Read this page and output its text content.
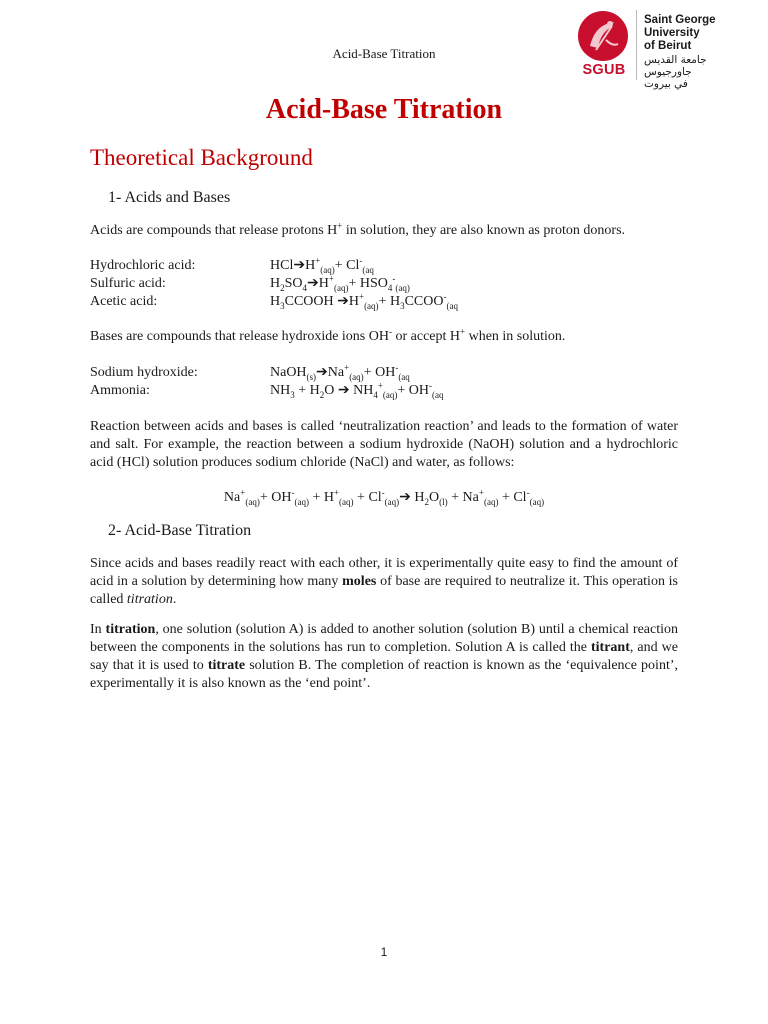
Acid-Base Titration
SGUB
Saint George
University
of Beirut
جامعة القديس جاورجيوس
في بيروت
Acid-Base Titration
Theoretical Background
1- Acids and Bases

Acids are compounds that release protons H+ in solution, they are also known as proton donors.

Hydrochloric acid:	$HCl➔H^+_{(aq)}+ Cl^-_{(aq}$
Sulfuric acid:	$H_2SO_4➔H^+_{(aq)}+ HSO_4^-_{(aq)}$
Acetic acid:	$H_3CCOOH$ $➔H^+_{(aq)}+$ $H_3CCOO^-_{(aq}$

Bases are compounds that release hydroxide ions OH- or accept H+ when in solution.

Sodium hydroxide:	$NaOH_{(s)}➔Na^+_{(aq)}+ OH^-_{(aq}$
Ammonia:	$NH_3 + H_2O$ ➔ $NH_4^+_{(aq)}+ OH^-_{(aq}$

Reaction between acids and bases is called ‘neutralization reaction’ and leads to the formation of water and salt. For example, the reaction between a sodium hydroxide (NaOH) solution and a hydrochloric acid (HCl) solution produces sodium chloride (NaCl) and water, as follows:

$Na^+_{(aq)}+ OH^-_{(aq)} + H^+_{(aq)}$ + $Cl^-_{(aq)}➔$ $H_2O_{(l)} + Na^+_{(aq)} + Cl^-_{(aq)}$
2- Acid-Base Titration

Since acids and bases readily react with each other, it is experimentally quite easy to find the amount of acid in a solution by determining how many moles of base are required to neutralize it. This operation is called titration.

In titration, one solution (solution A) is added to another solution (solution B) until a chemical reaction between the components in the solutions has run to completion. Solution A is called the titrant, and we say that it is used to titrate solution B. The completion of reaction is known as the ‘equivalence point’, experimentally it is also known as the ‘end point’.

1
